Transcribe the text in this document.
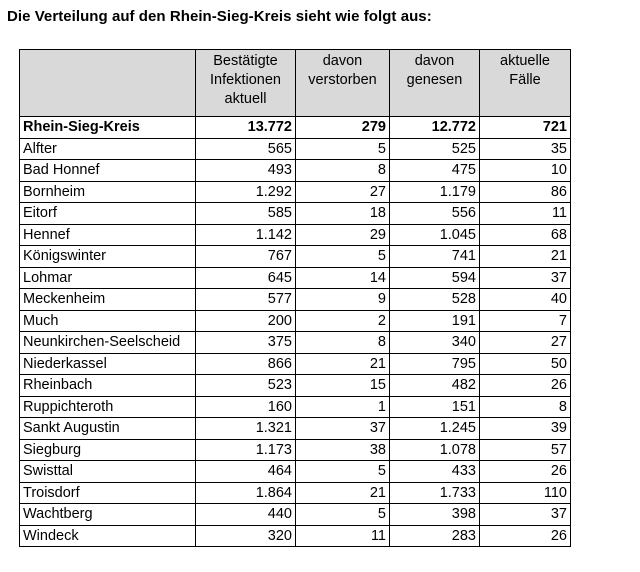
Die Verteilung auf den Rhein-Sieg-Kreis sieht wie folgt aus:

	Bestätigte Infektionen aktuell	davon verstorben	davon genesen	aktuelle Fälle
Rhein-Sieg-Kreis	13.772	279	12.772	721
Alfter	565	5	525	35
Bad Honnef	493	8	475	10
Bornheim	1.292	27	1.179	86
Eitorf	585	18	556	11
Hennef	1.142	29	1.045	68
Königswinter	767	5	741	21
Lohmar	645	14	594	37
Meckenheim	577	9	528	40
Much	200	2	191	7
Neunkirchen-Seelscheid	375	8	340	27
Niederkassel	866	21	795	50
Rheinbach	523	15	482	26
Ruppichteroth	160	1	151	8
Sankt Augustin	1.321	37	1.245	39
Siegburg	1.173	38	1.078	57
Swisttal	464	5	433	26
Troisdorf	1.864	21	1.733	110
Wachtberg	440	5	398	37
Windeck	320	11	283	26
